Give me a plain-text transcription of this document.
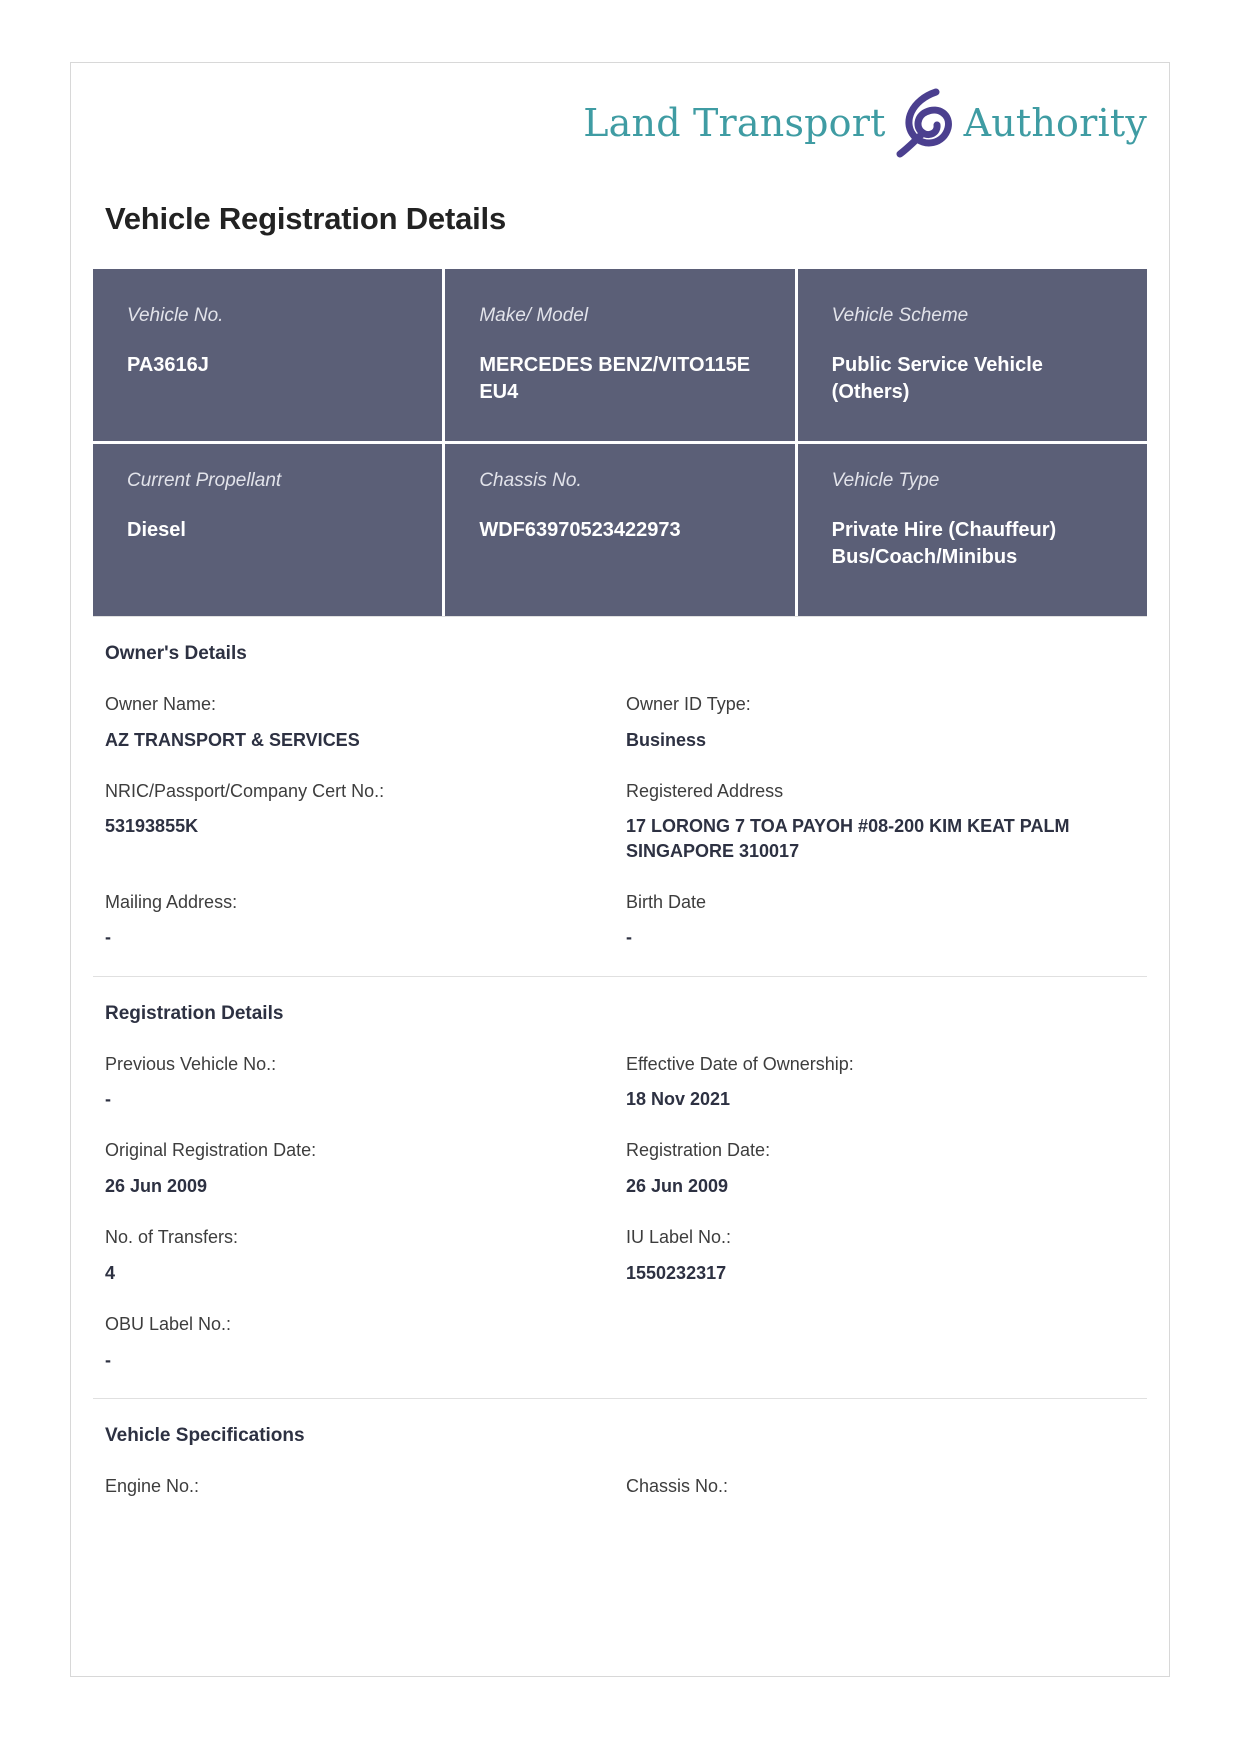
Land Transport Authority
Vehicle Registration Details
Vehicle No.
PA3616J
Make/ Model
MERCEDES BENZ/VITO115E EU4
Vehicle Scheme
Public Service Vehicle (Others)
Current Propellant
Diesel
Chassis No.
WDF63970523422973
Vehicle Type
Private Hire (Chauffeur) Bus/Coach/Minibus
Owner's Details
Owner Name:
AZ TRANSPORT & SERVICES
Owner ID Type:
Business
NRIC/Passport/Company Cert No.:
53193855K
Registered Address
17 LORONG 7 TOA PAYOH #08-200 KIM KEAT PALM SINGAPORE 310017
Mailing Address:
-
Birth Date
-
Registration Details
Previous Vehicle No.:
-
Effective Date of Ownership:
18 Nov 2021
Original Registration Date:
26 Jun 2009
Registration Date:
26 Jun 2009
No. of Transfers:
4
IU Label No.:
1550232317
OBU Label No.:
-
Vehicle Specifications
Engine No.:	Chassis No.:
